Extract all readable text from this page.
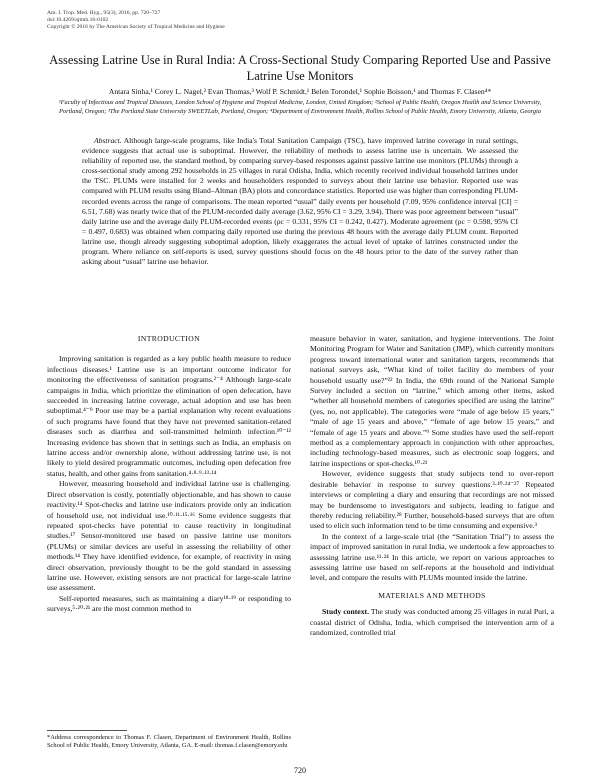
Am. J. Trop. Med. Hyg., 95(3), 2016, pp. 720–727
doi:10.4269/ajtmh.16-0102
Copyright © 2016 by The American Society of Tropical Medicine and Hygiene
Assessing Latrine Use in Rural India: A Cross-Sectional Study Comparing Reported Use and Passive Latrine Use Monitors
Antara Sinha,¹ Corey L. Nagel,² Evan Thomas,³ Wolf P. Schmidt,¹ Belen Torondel,¹ Sophie Boisson,¹ and Thomas F. Clasen⁴*
¹Faculty of Infectious and Tropical Diseases, London School of Hygiene and Tropical Medicine, London, United Kingdom; ²School of Public Health, Oregon Health and Science University, Portland, Oregon; ³The Portland State University SWEETLab, Portland, Oregon; ⁴Department of Environment Health, Rollins School of Public Health, Emory University, Atlanta, Georgia
Abstract. Although large-scale programs, like India's Total Sanitation Campaign (TSC), have improved latrine coverage in rural settings, evidence suggests that actual use is suboptimal. However, the reliability of methods to assess latrine use is uncertain. We assessed the reliability of reported use, the standard method, by comparing survey-based responses against passive latrine use monitors (PLUMs) through a cross-sectional study among 292 households in 25 villages in rural Odisha, India, which recently received individual household latrines under the TSC. PLUMs were installed for 2 weeks and householders responded to surveys about their latrine use behavior. Reported use was compared with PLUM results using Bland–Altman (BA) plots and concordance statistics. Reported use was higher than corresponding PLUM-recorded events across the range of comparisons. The mean reported “usual” daily events per household (7.09, 95% confidence interval [CI] = 6.51, 7.68) was nearly twice that of the PLUM-recorded daily average (3.62, 95% CI = 3.29, 3.94). There was poor agreement between “usual” daily latrine use and the average daily PLUM-recorded events (ρc = 0.331, 95% CI = 0.242, 0.427). Moderate agreement (ρc = 0.598, 95% CI = 0.497, 0.683) was obtained when comparing daily reported use during the previous 48 hours with the average daily PLUM count. Reported latrine use, though already suggesting suboptimal adoption, likely exaggerates the actual level of uptake of latrines constructed under the program. Where reliance on self-reports is used, survey questions should focus on the 48 hours prior to the date of the survey rather than asking about “usual” latrine use behavior.

INTRODUCTION

Improving sanitation is regarded as a key public health measure to reduce infectious diseases.¹ Latrine use is an important outcome indicator for monitoring the effectiveness of sanitation programs.²⁻⁴ Although large-scale campaigns in India, which prioritize the elimination of open defecation, have succeeded in increasing latrine coverage, actual adoption and use has been suboptimal.⁴⁻⁹ Poor use may be a partial explanation why recent evaluations of such programs have found that they have not prevented sanitation-related diseases such as diarrhea and soil-transmitted helminth infection.¹⁰⁻¹² Increasing evidence has shown that in settings such as India, an emphasis on latrine access and/or ownership alone, without addressing latrine use, is not likely to yield desired programmatic outcomes, including open defecation free status, health, and other gains from sanitation.⁴·⁸·⁹·¹³·¹⁴

However, measuring household and individual latrine use is challenging. Direct observation is costly, potentially objectionable, and has shown to cause reactivity.¹⁴ Spot-checks and latrine use indicators provide only an indication of household use, not individual use.¹⁰·¹¹·¹⁵·¹⁶ Some evidence suggests that repeated spot-checks have potential to cause reactivity in longitudinal studies.¹⁷ Sensor-monitored use based on passive latrine use monitors (PLUMs) or similar devices are useful in assessing the reliability of other methods.¹⁴ They have identified evidence, for example, of reactivity in using direct observation, previously thought to be the gold standard in assessing latrine use. However, existing sensors are not practical for large-scale latrine use assessment.

Self-reported measures, such as maintaining a diary¹⁸·¹⁹ or responding to surveys,⁵·²⁰·²¹ are the most common method to

measure behavior in water, sanitation, and hygiene interventions. The Joint Monitoring Program for Water and Sanitation (JMP), which currently monitors progress toward international water and sanitation targets, recommends that national surveys ask, “What kind of toilet facility do members of your household usually use?”²² In India, the 69th round of the National Sample Survey included a section on “latrine,” which among other items, asked “whether all household members of categories specified are using the latrine” (yes, no, not applicable). The categories were “male of age below 15 years,” “male of age 15 years and above,” “female of age below 15 years,” and “female of age 15 years and above.”⁹ Some studies have used the self-report method as a complementary approach in conjunction with other approaches, including technology-based measures, such as electronic soap loggers, and latrine inspections or spot-checks.¹⁰·²³

However, evidence suggests that study subjects tend to over-report desirable behavior in response to survey questions.³·¹⁰·²⁴⁻²⁷ Repeated interviews or completing a diary and ensuring that recordings are not missed may be burdensome to investigators and subjects, leading to fatigue and thereby reducing reliability.²⁸ Further, household-based surveys that are often used to elicit such information tend to be time consuming and expensive.³

In the context of a large-scale trial (the “Sanitation Trial”) to assess the impact of improved sanitation in rural India, we undertook a few approaches to assessing latrine use.¹¹·²⁴ In this article, we report on various approaches to assessing latrine use based on self-reports at the household and individual level, and compare the results with PLUMs mounted inside the latrine.

MATERIALS AND METHODS

Study context. The study was conducted among 25 villages in rural Puri, a coastal district of Odisha, India, which comprised the intervention arm of a randomized, controlled trial

*Address correspondence to Thomas F. Clasen, Department of Environment Health, Rollins School of Public Health, Emory University, Atlanta, GA. E-mail: thomas.f.clasen@emory.edu
720
